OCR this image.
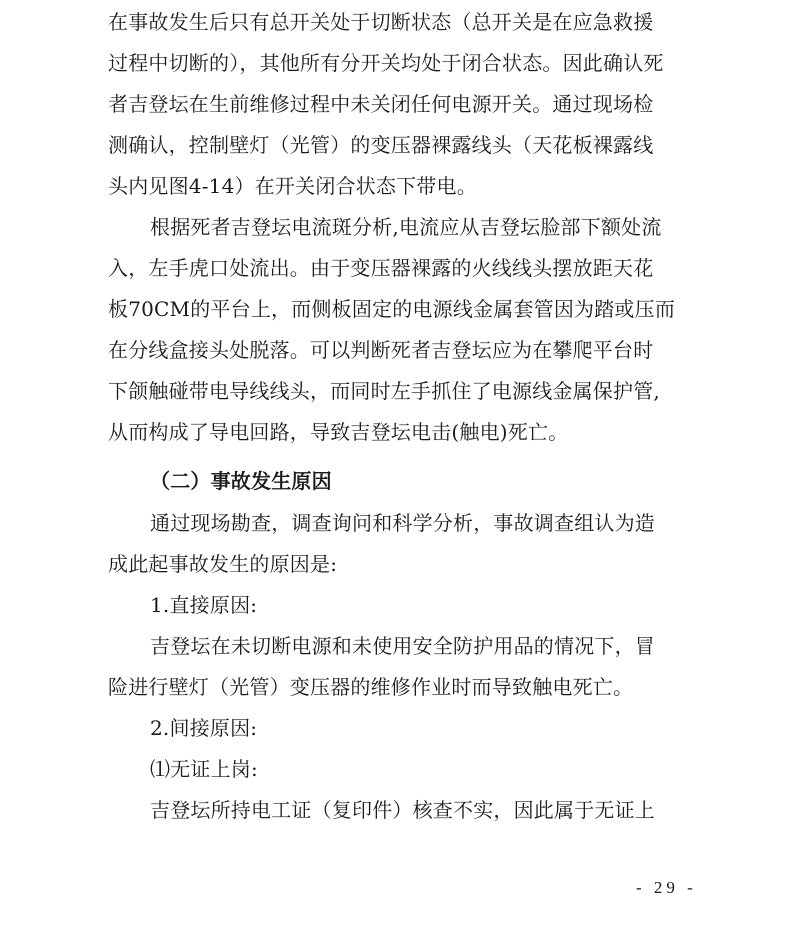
在事故发生后只有总开关处于切断状态（总开关是在应急救援
过程中切断的），其他所有分开关均处于闭合状态。因此确认死
者吉登坛在生前维修过程中未关闭任何电源开关。通过现场检
测确认，控制壁灯（光管）的变压器裸露线头（天花板裸露线
头内见图4-14）在开关闭合状态下带电。
根据死者吉登坛电流斑分析,电流应从吉登坛脸部下额处流
入，左手虎口处流出。由于变压器裸露的火线线头摆放距天花
板70CM的平台上，而侧板固定的电源线金属套管因为踏或压而
在分线盒接头处脱落。可以判断死者吉登坛应为在攀爬平台时
下颌触碰带电导线线头，而同时左手抓住了电源线金属保护管,
从而构成了导电回路，导致吉登坛电击(触电)死亡。
（二）事故发生原因
通过现场勘查，调查询问和科学分析，事故调查组认为造
成此起事故发生的原因是:
1.直接原因:
吉登坛在未切断电源和未使用安全防护用品的情况下，冒
险进行壁灯（光管）变压器的维修作业时而导致触电死亡。
2.间接原因:
⑴无证上岗:
吉登坛所持电工证（复印件）核查不实，因此属于无证上
- 29 -
